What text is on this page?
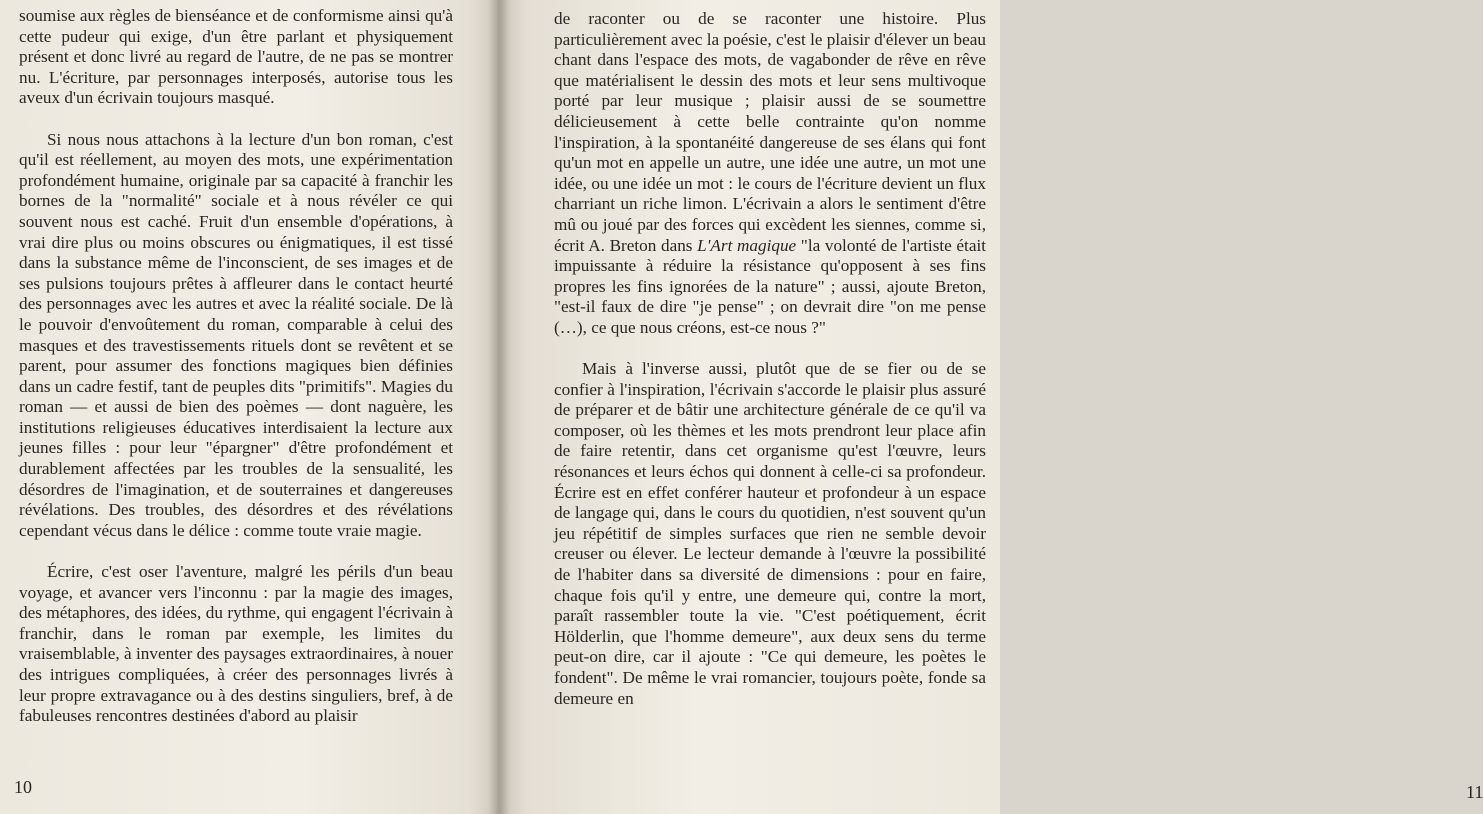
soumise aux règles de bienséance et de conformisme ainsi qu'à cette pudeur qui exige, d'un être parlant et physiquement présent et donc livré au regard de l'autre, de ne pas se montrer nu. L'écriture, par personnages interposés, autorise tous les aveux d'un écrivain toujours masqué.

Si nous nous attachons à la lecture d'un bon roman, c'est qu'il est réellement, au moyen des mots, une expérimentation profondément humaine, originale par sa capacité à franchir les bornes de la "normalité" sociale et à nous révéler ce qui souvent nous est caché. Fruit d'un ensemble d'opérations, à vrai dire plus ou moins obscures ou énigmatiques, il est tissé dans la substance même de l'inconscient, de ses images et de ses pulsions toujours prêtes à affleurer dans le contact heurté des personnages avec les autres et avec la réalité sociale. De là le pouvoir d'envoûtement du roman, comparable à celui des masques et des travestissements rituels dont se revêtent et se parent, pour assumer des fonctions magiques bien définies dans un cadre festif, tant de peuples dits "primitifs". Magies du roman — et aussi de bien des poèmes — dont naguère, les institutions religieuses éducatives interdisaient la lecture aux jeunes filles : pour leur "épargner" d'être profondément et durablement affectées par les troubles de la sensualité, les désordres de l'imagination, et de souterraines et dangereuses révélations. Des troubles, des désordres et des révélations cependant vécus dans le délice : comme toute vraie magie.

Écrire, c'est oser l'aventure, malgré les périls d'un beau voyage, et avancer vers l'inconnu : par la magie des images, des métaphores, des idées, du rythme, qui engagent l'écrivain à franchir, dans le roman par exemple, les limites du vraisemblable, à inventer des paysages extraordinaires, à nouer des intrigues compliquées, à créer des personnages livrés à leur propre extravagance ou à des destins singuliers, bref, à de fabuleuses rencontres destinées d'abord au plaisir

10	11

de raconter ou de se raconter une histoire. Plus particulièrement avec la poésie, c'est le plaisir d'élever un beau chant dans l'espace des mots, de vagabonder de rêve en rêve que matérialisent le dessin des mots et leur sens multivoque porté par leur musique ; plaisir aussi de se soumettre délicieusement à cette belle contrainte qu'on nomme l'inspiration, à la spontanéité dangereuse de ses élans qui font qu'un mot en appelle un autre, une idée une autre, un mot une idée, ou une idée un mot : le cours de l'écriture devient un flux charriant un riche limon. L'écrivain a alors le sentiment d'être mû ou joué par des forces qui excèdent les siennes, comme si, écrit A. Breton dans L'Art magique "la volonté de l'artiste était impuissante à réduire la résistance qu'opposent à ses fins propres les fins ignorées de la nature" ; aussi, ajoute Breton, "est-il faux de dire "je pense" ; on devrait dire "on me pense (…), ce que nous créons, est-ce nous ?"

Mais à l'inverse aussi, plutôt que de se fier ou de se confier à l'inspiration, l'écrivain s'accorde le plaisir plus assuré de préparer et de bâtir une architecture générale de ce qu'il va composer, où les thèmes et les mots prendront leur place afin de faire retentir, dans cet organisme qu'est l'œuvre, leurs résonances et leurs échos qui donnent à celle-ci sa profondeur. Écrire est en effet conférer hauteur et profondeur à un espace de langage qui, dans le cours du quotidien, n'est souvent qu'un jeu répétitif de simples surfaces que rien ne semble devoir creuser ou élever. Le lecteur demande à l'œuvre la possibilité de l'habiter dans sa diversité de dimensions : pour en faire, chaque fois qu'il y entre, une demeure qui, contre la mort, paraît rassembler toute la vie. "C'est poétiquement, écrit Hölderlin, que l'homme demeure", aux deux sens du terme peut-on dire, car il ajoute : "Ce qui demeure, les poètes le fondent". De même le vrai romancier, toujours poète, fonde sa demeure en
